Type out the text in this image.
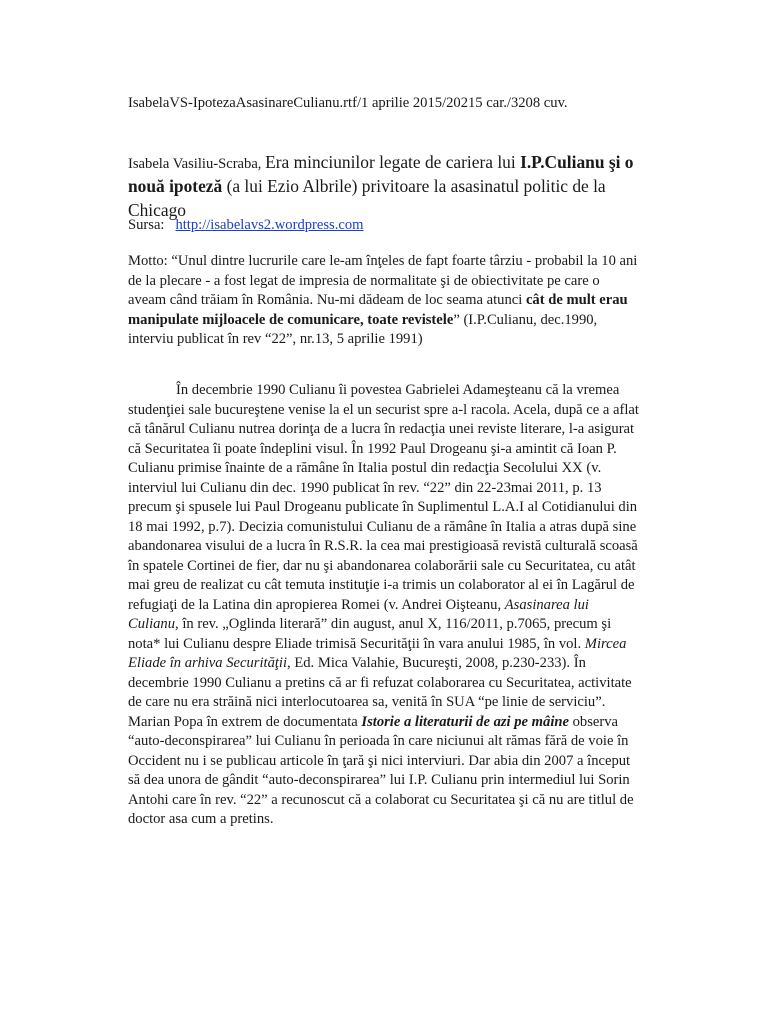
IsabelaVS-IpotezaAsasinareCulianu.rtf/1 aprilie 2015/20215 car./3208 cuv.

Isabela Vasiliu-Scraba, Era minciunilor legate de cariera lui I.P.Culianu şi o nouă ipoteză (a lui Ezio Albrile) privitoare la asasinatul politic de la Chicago

Sursa: http://isabelavs2.wordpress.com

Motto: “Unul dintre lucrurile care le-am înţeles de fapt foarte târziu - probabil la 10 ani de la plecare - a fost legat de impresia de normalitate şi de obiectivitate pe care o aveam când trăiam în România. Nu-mi dădeam de loc seama atunci cât de mult erau manipulate mijloacele de comunicare, toate revistele” (I.P.Culianu, dec.1990, interviu publicat în rev “22”, nr.13, 5 aprilie 1991)

În decembrie 1990 Culianu îi povestea Gabrielei Adameşteanu că la vremea studenţiei sale bucureştene venise la el un securist spre a-l racola. Acela, după ce a aflat că tânărul Culianu nutrea dorinţa de a lucra în redacţia unei reviste literare, l-a asigurat că Securitatea îi poate îndeplini visul. În 1992 Paul Drogeanu şi-a amintit că Ioan P. Culianu primise înainte de a rămâne în Italia postul din redacţia Secolului XX (v. interviul lui Culianu din dec. 1990 publicat în rev. “22” din 22-23mai 2011, p. 13 precum şi spusele lui Paul Drogeanu publicate în Suplimentul L.A.I al Cotidianului din 18 mai 1992, p.7). Decizia comunistului Culianu de a rămâne în Italia a atras după sine abandonarea visului de a lucra în R.S.R. la cea mai prestigioasă revistă culturală scoasă în spatele Cortinei de fier, dar nu şi abandonarea colaborării sale cu Securitatea, cu atât mai greu de realizat cu cât temuta instituţie i-a trimis un colaborator al ei în Lagărul de refugiaţi de la Latina din apropierea Romei (v. Andrei Oişteanu, Asasinarea lui Culianu, în rev. „Oglinda literară” din august, anul X, 116/2011, p.7065, precum şi nota* lui Culianu despre Eliade trimisă Securităţii în vara anului 1985, în vol. Mircea Eliade în arhiva Securităţii, Ed. Mica Valahie, Bucureşti, 2008, p.230-233). În decembrie 1990 Culianu a pretins că ar fi refuzat colaborarea cu Securitatea, activitate de care nu era străină nici interlocutoarea sa, venită în SUA “pe linie de serviciu”. Marian Popa în extrem de documentata Istorie a literaturii de azi pe mâine observa “auto-deconspirarea” lui Culianu în perioada în care niciunui alt rămas fără de voie în Occident nu i se publicau articole în ţară şi nici interviuri. Dar abia din 2007 a început să dea unora de gândit “auto-deconspirarea” lui I.P. Culianu prin intermediul lui Sorin Antohi care în rev. “22” a recunoscut că a colaborat cu Securitatea şi că nu are titlul de doctor asa cum a pretins.
